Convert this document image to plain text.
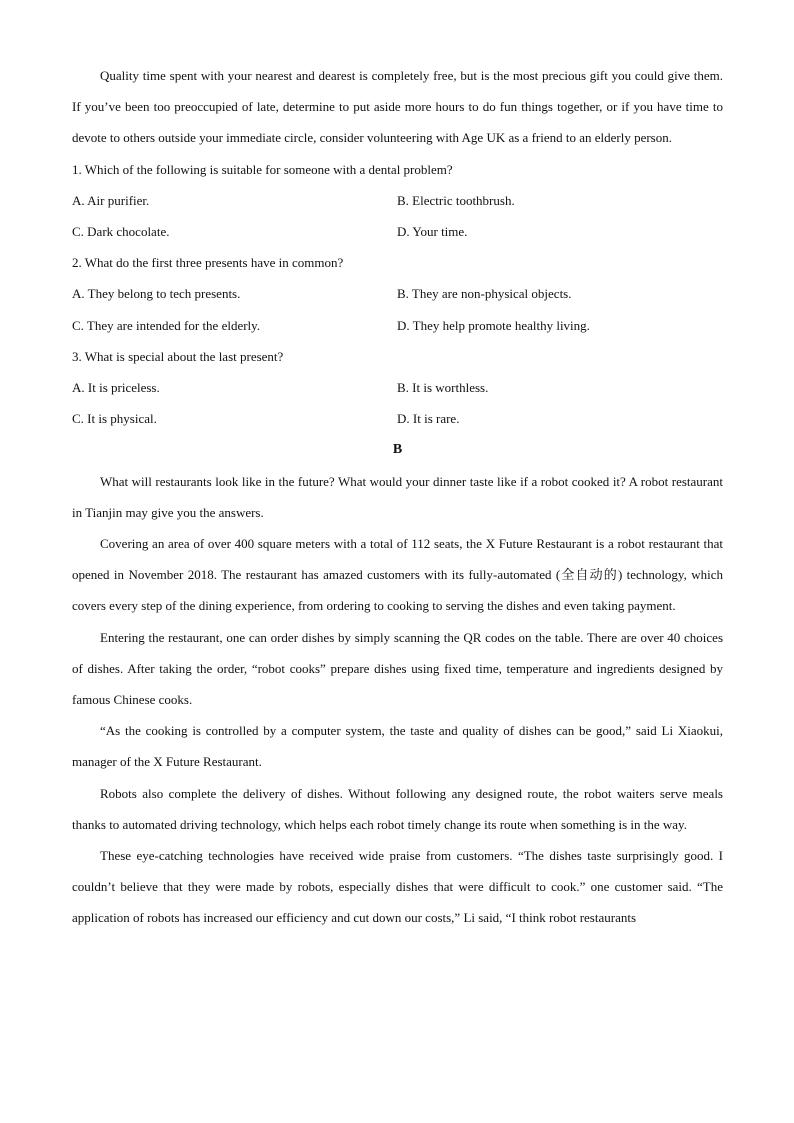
Quality time spent with your nearest and dearest is completely free, but is the most precious gift you could give them. If you’ve been too preoccupied of late, determine to put aside more hours to do fun things together, or if you have time to devote to others outside your immediate circle, consider volunteering with Age UK as a friend to an elderly person.
1. Which of the following is suitable for someone with a dental problem?
A. Air purifier.	B. Electric toothbrush.
C. Dark chocolate.	D. Your time.
2. What do the first three presents have in common?
A. They belong to tech presents.	B. They are non-physical objects.
C. They are intended for the elderly.	D. They help promote healthy living.
3. What is special about the last present?
A. It is priceless.	B. It is worthless.
C. It is physical.	D. It is rare.
B
What will restaurants look like in the future? What would your dinner taste like if a robot cooked it? A robot restaurant in Tianjin may give you the answers.
Covering an area of over 400 square meters with a total of 112 seats, the X Future Restaurant is a robot restaurant that opened in November 2018. The restaurant has amazed customers with its fully-automated (全自动的) technology, which covers every step of the dining experience, from ordering to cooking to serving the dishes and even taking payment.
Entering the restaurant, one can order dishes by simply scanning the QR codes on the table. There are over 40 choices of dishes. After taking the order, “robot cooks” prepare dishes using fixed time, temperature and ingredients designed by famous Chinese cooks.
“As the cooking is controlled by a computer system, the taste and quality of dishes can be good,” said Li Xiaokui, manager of the X Future Restaurant.
Robots also complete the delivery of dishes. Without following any designed route, the robot waiters serve meals thanks to automated driving technology, which helps each robot timely change its route when something is in the way.
These eye-catching technologies have received wide praise from customers. “The dishes taste surprisingly good. I couldn’t believe that they were made by robots, especially dishes that were difficult to cook.” one customer said. “The application of robots has increased our efficiency and cut down our costs,” Li said, “I think robot restaurants
